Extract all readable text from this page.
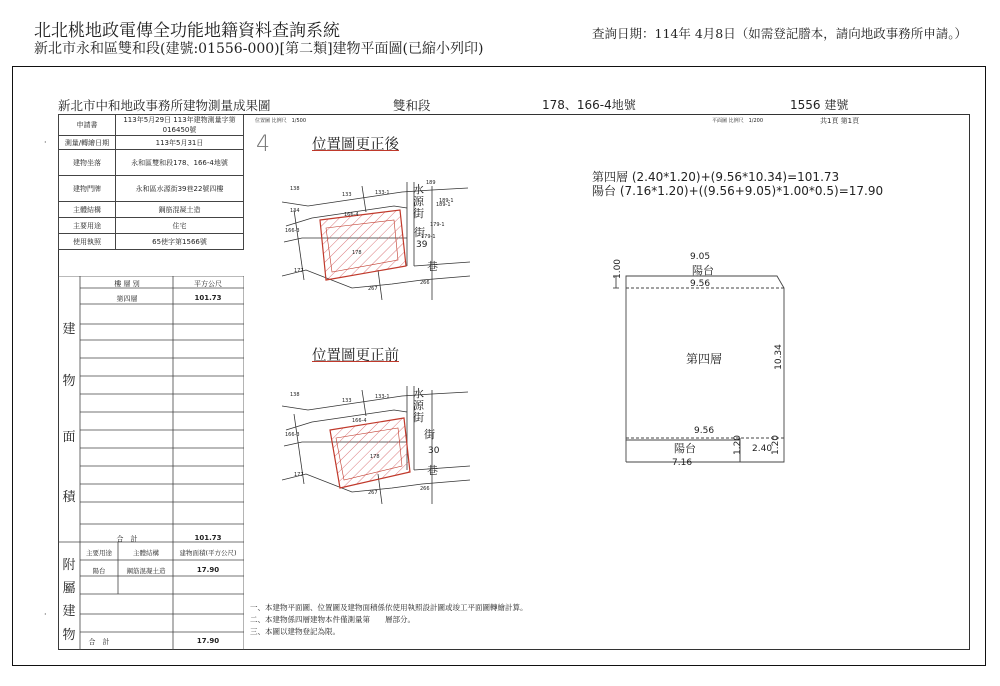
北北桃地政電傳全功能地籍資料查詢系統	查詢日期：114年 4月8日（如需登記謄本，請向地政事務所申請。）
新北市永和區雙和段(建號:01556-000)[第二類]建物平面圖(已縮小列印)
新北市中和地政事務所建物測量成果圖	雙和段	178、166-4地號	1556 建號
申請書	113年5月29日 113年建物測量字第016450號
測量/轉繪日期	113年5月31日
建物坐落	永和區雙和段178、166-4地號
建物門牌	永和區水源街39巷22號四樓
主體結構	鋼筋混凝土造
主要用途	住宅
使用執照	65使字第1566號
樓 層 別	平方公尺
第四層	101.73
合　計	101.73
建
物
面
積
主要用途	主體結構	建物面積(平方公尺)
陽台	鋼筋混凝土造	17.90
合　計	17.90
附
屬
建
物
·
·
位置圖 比例尺　1/500
4	位置圖更正後
位置圖更正前
138
133	133-1
189
189-1
166-3
134
177
267
166-4
178
水源街
39
街
巷
179-1
179-1
189-1
266
138
133
133-1
166-3
177
267
166-4
178
水源街
街
30
巷
266
平面圖 比例尺　1/200	共1頁 第1頁
第四層 (2.40*1.20)+(9.56*10.34)=101.73
陽台 (7.16*1.20)+((9.56+9.05)*1.00*0.5)=17.90
9.05
陽台
9.56
1.00
第四層	10.34
9.56
陽台	1.20 2.40
1.20
7.16
一、本建物平面圖、位置圖及建物面積係依使用執照設計圖或竣工平面圖轉繪計算。
二、本建物係四層建物本件僅測量第　　層部分。
三、本圖以建物登記為限。
